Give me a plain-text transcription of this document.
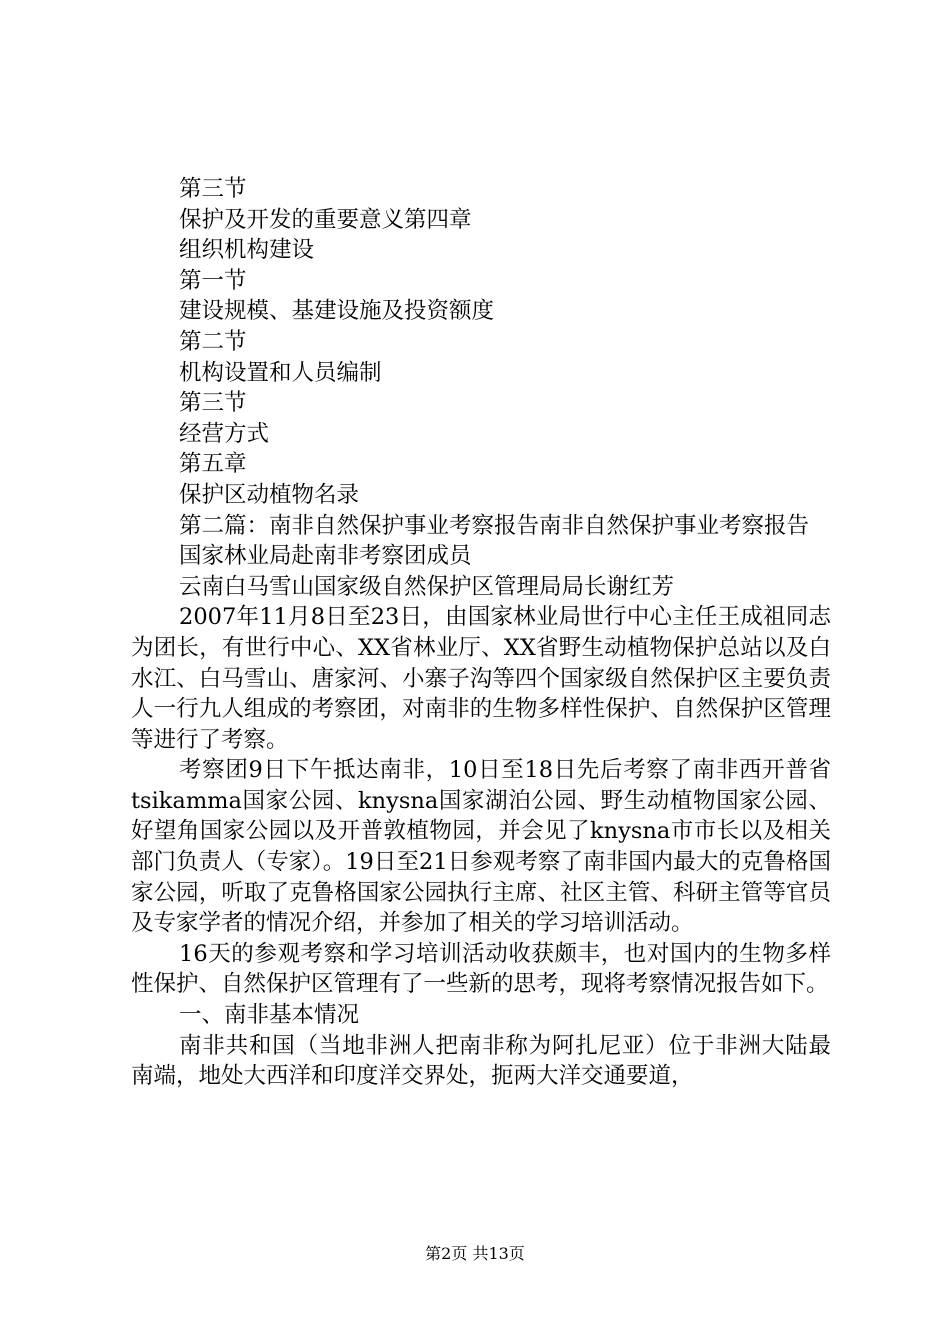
第三节
保护及开发的重要意义第四章
组织机构建设
第一节
建设规模、基建设施及投资额度
第二节
机构设置和人员编制
第三节
经营方式
第五章
保护区动植物名录
第二篇：南非自然保护事业考察报告南非自然保护事业考察报告
国家林业局赴南非考察团成员
云南白马雪山国家级自然保护区管理局局长谢红芳
2007年11月8日至23日，由国家林业局世行中心主任王成祖同志为团长，有世行中心、XX省林业厅、XX省野生动植物保护总站以及白水江、白马雪山、唐家河、小寨子沟等四个国家级自然保护区主要负责人一行九人组成的考察团，对南非的生物多样性保护、自然保护区管理等进行了考察。
考察团9日下午抵达南非，10日至18日先后考察了南非西开普省tsikamma国家公园、knysna国家湖泊公园、野生动植物国家公园、好望角国家公园以及开普敦植物园，并会见了knysna市市长以及相关部门负责人（专家）。19日至21日参观考察了南非国内最大的克鲁格国家公园，听取了克鲁格国家公园执行主席、社区主管、科研主管等官员及专家学者的情况介绍，并参加了相关的学习培训活动。
16天的参观考察和学习培训活动收获颇丰，也对国内的生物多样性保护、自然保护区管理有了一些新的思考，现将考察情况报告如下。
一、南非基本情况
南非共和国（当地非洲人把南非称为阿扎尼亚）位于非洲大陆最南端，地处大西洋和印度洋交界处，扼两大洋交通要道，
第2页 共13页
